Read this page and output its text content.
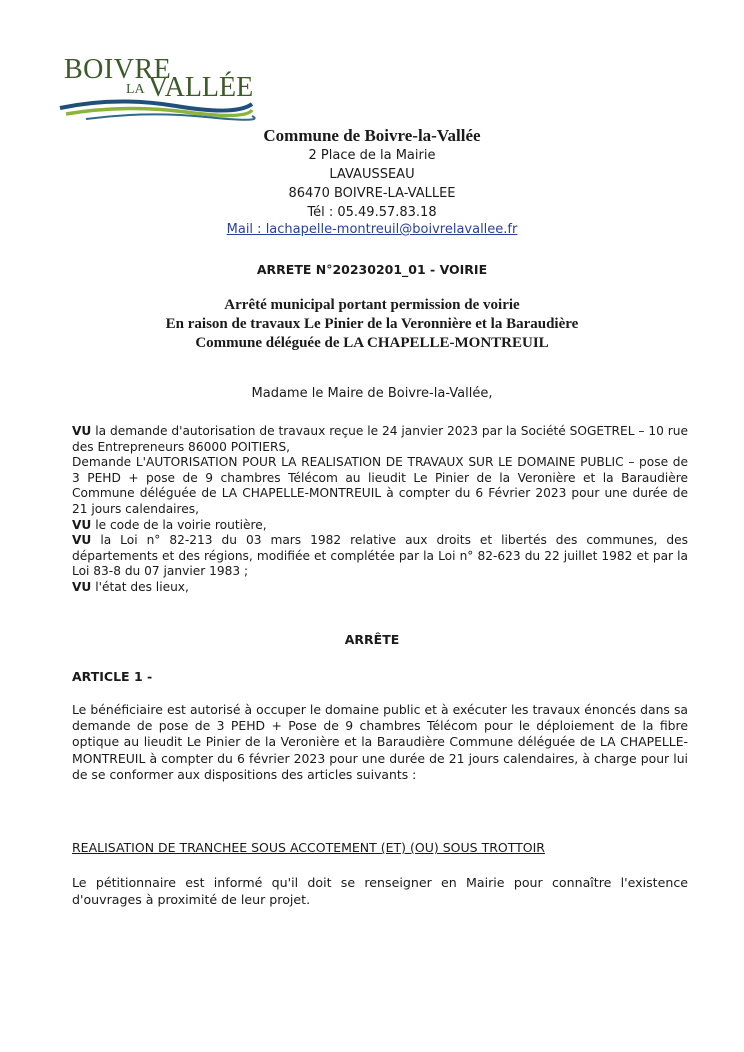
BOIVRE
LA VALLÉE
Commune de Boivre-la-Vallée
2 Place de la Mairie
LAVAUSSEAU
86470 BOIVRE-LA-VALLEE
Tél : 05.49.57.83.18
Mail : lachapelle-montreuil@boivrelavallee.fr
ARRETE N°20230201_01 - VOIRIE
Arrêté municipal portant permission de voirie
En raison de travaux Le Pinier de la Veronnière et la Baraudière
Commune déléguée de LA CHAPELLE-MONTREUIL
Madame le Maire de Boivre-la-Vallée,

VU la demande d'autorisation de travaux reçue le 24 janvier 2023 par la Société SOGETREL – 10 rue des Entrepreneurs 86000 POITIERS,

Demande L'AUTORISATION POUR LA REALISATION DE TRAVAUX SUR LE DOMAINE PUBLIC – pose de 3 PEHD + pose de 9 chambres Télécom au lieudit Le Pinier de la Veronière et la Baraudière Commune déléguée de LA CHAPELLE-MONTREUIL à compter du 6 Février 2023 pour une durée de 21 jours calendaires,

VU le code de la voirie routière,

VU la Loi n° 82-213 du 03 mars 1982 relative aux droits et libertés des communes, des départements et des régions, modifiée et complétée par la Loi n° 82-623 du 22 juillet 1982 et par la Loi 83-8 du 07 janvier 1983 ;

VU l'état des lieux,

ARRÊTE
ARTICLE 1 -
Le bénéficiaire est autorisé à occuper le domaine public et à exécuter les travaux énoncés dans sa demande de pose de 3 PEHD + Pose de 9 chambres Télécom pour le déploiement de la fibre optique au lieudit Le Pinier de la Veronière et la Baraudière Commune déléguée de LA CHAPELLE-MONTREUIL à compter du 6 février 2023 pour une durée de 21 jours calendaires, à charge pour lui de se conformer aux dispositions des articles suivants :
REALISATION DE TRANCHEE SOUS ACCOTEMENT (ET) (OU) SOUS TROTTOIR
Le pétitionnaire est informé qu'il doit se renseigner en Mairie pour connaître l'existence d'ouvrages à proximité de leur projet.
